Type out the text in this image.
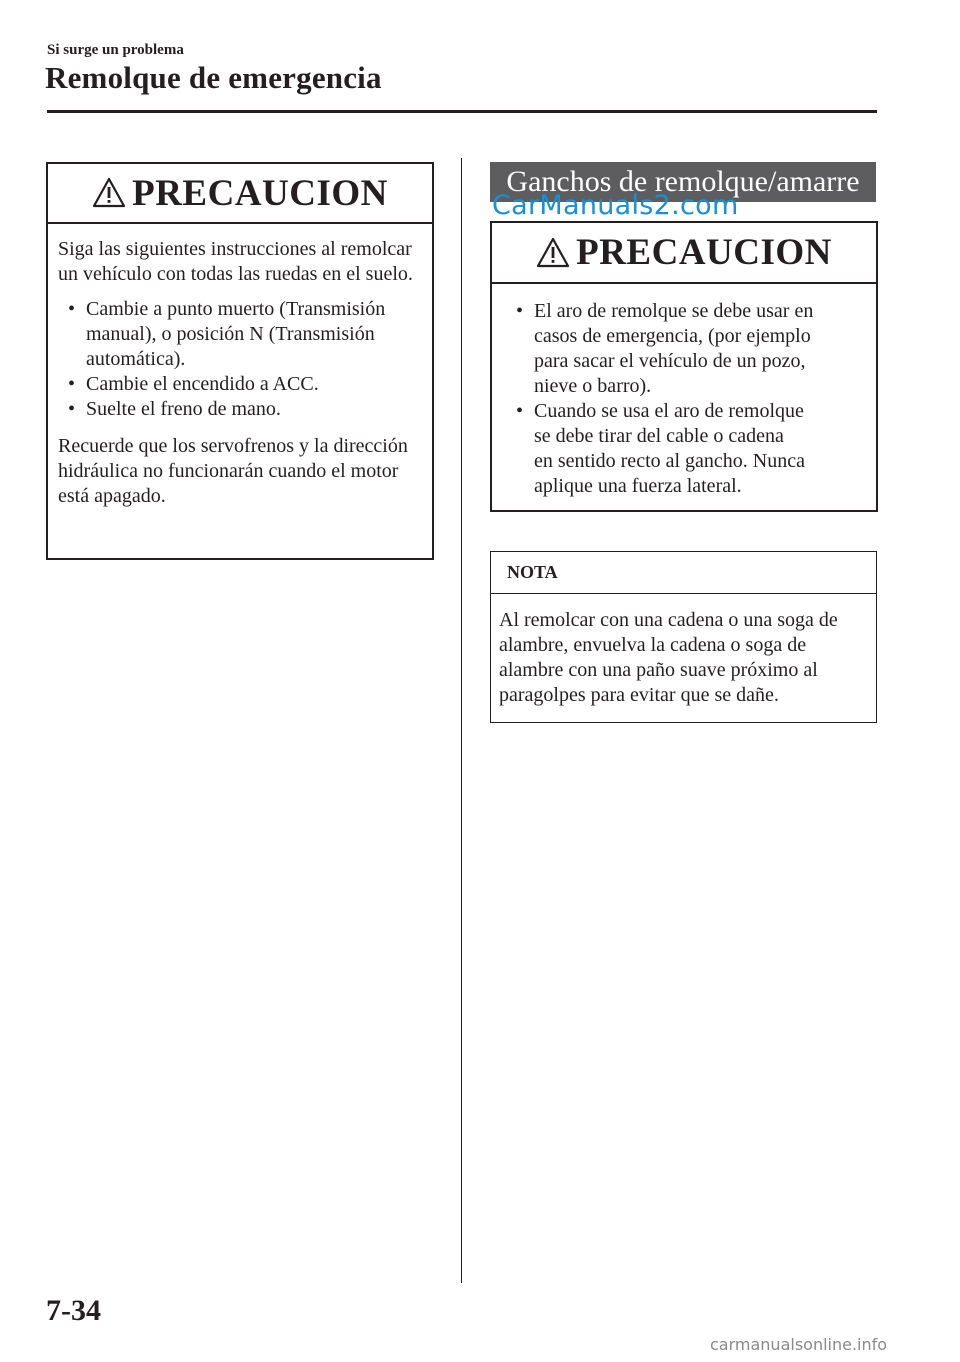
Si surge un problema
Remolque de emergencia
PRECAUCION

Siga las siguientes instrucciones al remolcar un vehículo con todas las ruedas en el suelo.

• Cambie a punto muerto (Transmisión
manual), o posición N (Transmisión
automática).
• Cambie el encendido a ACC.
• Suelte el freno de mano.

Recuerde que los servofrenos y la dirección hidráulica no funcionarán cuando el motor está apagado.

Ganchos de remolque/amarre
CarManuals2.com
PRECAUCION
• El aro de remolque se debe usar en
casos de emergencia, (por ejemplo
para sacar el vehículo de un pozo,
nieve o barro).
• Cuando se usa el aro de remolque
se debe tirar del cable o cadena
en sentido recto al gancho. Nunca
aplique una fuerza lateral.
NOTA

Al remolcar con una cadena o una soga de alambre, envuelva la cadena o soga de alambre con una paño suave próximo al paragolpes para evitar que se dañe.

7-34
carmanualsonline.info
